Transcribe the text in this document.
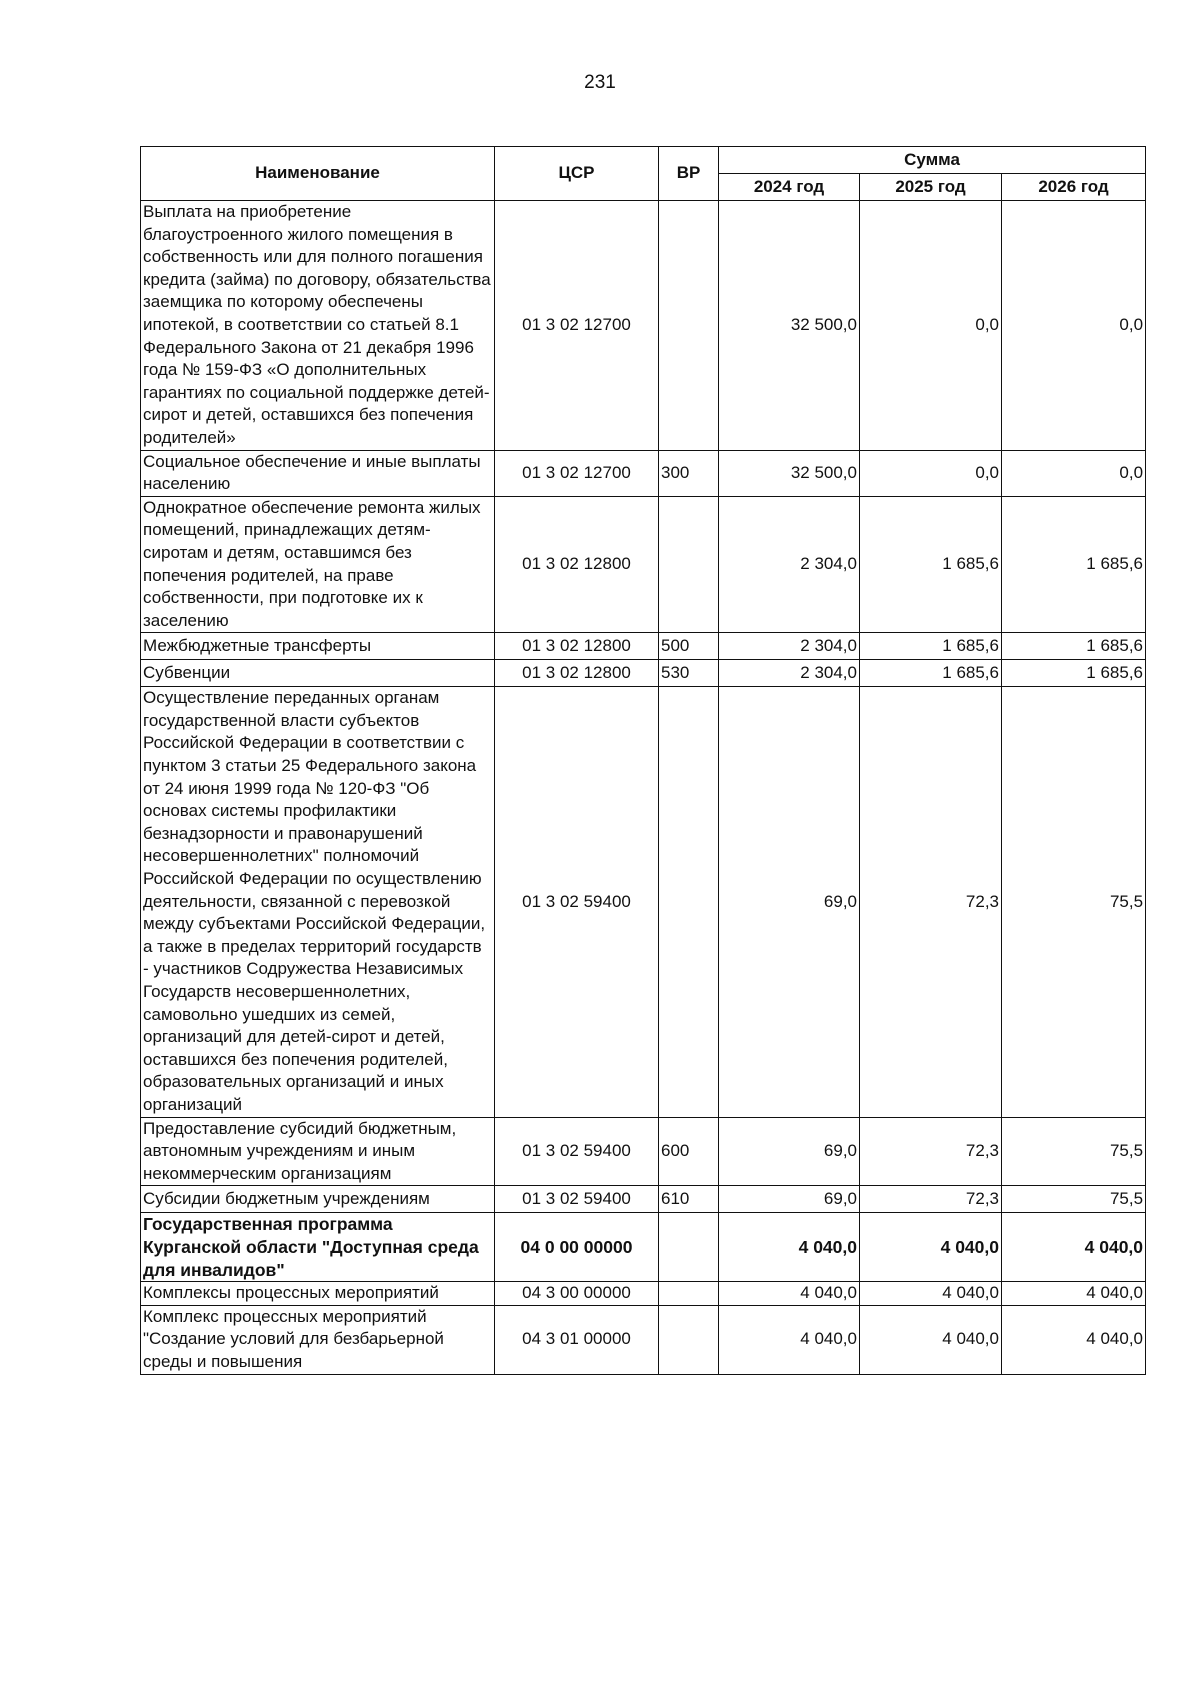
231
Наименование	ЦСР	ВР	Сумма		
			2024 год	2025 год	2026 год
Выплата на приобретение благоустроенного жилого помещения в собственность или для полного погашения кредита (займа) по договору, обязательства заемщика по которому обеспечены ипотекой, в соответствии со статьей 8.1 Федерального Закона от 21 декабря 1996 года № 159-ФЗ «О дополнительных гарантиях по социальной поддержке детей-сирот и детей, оставшихся без попечения родителей»	01 3 02 12700		32 500,0	0,0	0,0
Социальное обеспечение и иные выплаты населению	01 3 02 12700	300	32 500,0	0,0	0,0
Однократное обеспечение ремонта жилых помещений, принадлежащих детям-сиротам и детям, оставшимся без попечения родителей, на праве собственности, при подготовке их к заселению	01 3 02 12800		2 304,0	1 685,6	1 685,6
Межбюджетные трансферты	01 3 02 12800	500	2 304,0	1 685,6	1 685,6
Субвенции	01 3 02 12800	530	2 304,0	1 685,6	1 685,6
Осуществление переданных органам государственной власти субъектов Российской Федерации в соответствии с пунктом 3 статьи 25 Федерального закона от 24 июня 1999 года № 120-ФЗ "Об основах системы профилактики безнадзорности и правонарушений несовершеннолетних" полномочий Российской Федерации по осуществлению деятельности, связанной с перевозкой между субъектами Российской Федерации, а также в пределах территорий государств - участников Содружества Независимых Государств несовершеннолетних, самовольно ушедших из семей, организаций для детей-сирот и детей, оставшихся без попечения родителей, образовательных организаций и иных организаций	01 3 02 59400		69,0	72,3	75,5
Предоставление субсидий бюджетным, автономным учреждениям и иным некоммерческим организациям	01 3 02 59400	600	69,0	72,3	75,5
Субсидии бюджетным учреждениям	01 3 02 59400	610	69,0	72,3	75,5
Государственная программа Курганской области "Доступная среда для инвалидов"	04 0 00 00000		4 040,0	4 040,0	4 040,0
Комплексы процессных мероприятий	04 3 00 00000		4 040,0	4 040,0	4 040,0
Комплекс процессных мероприятий "Создание условий для безбарьерной среды и повышения	04 3 01 00000		4 040,0	4 040,0	4 040,0
